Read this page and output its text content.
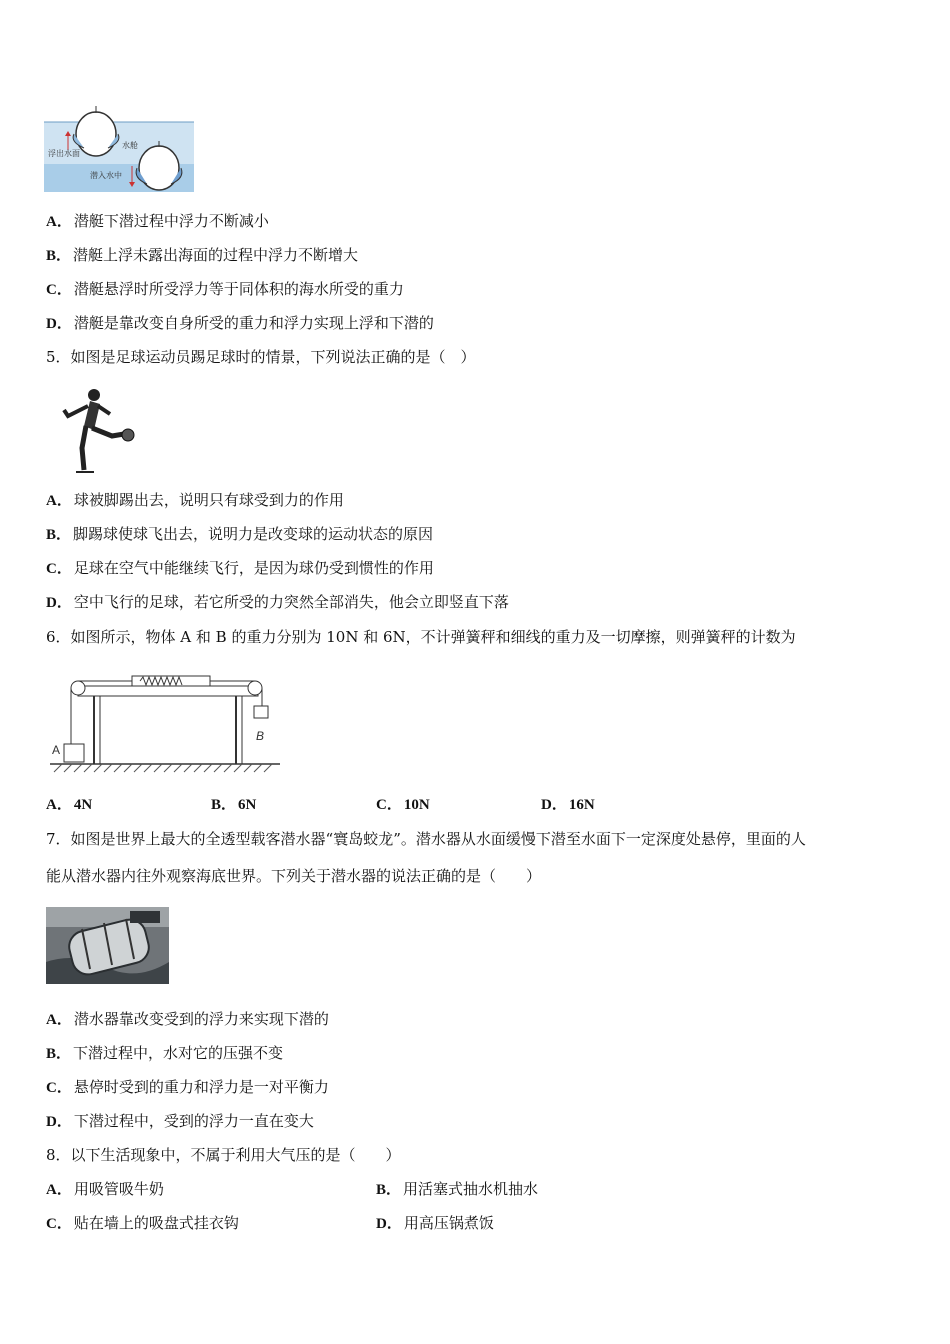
浮出水面
水舱
潜入水中
A． 潜艇下潜过程中浮力不断减小
B． 潜艇上浮未露出海面的过程中浮力不断增大
C． 潜艇悬浮时所受浮力等于同体积的海水所受的重力
D． 潜艇是靠改变自身所受的重力和浮力实现上浮和下潜的
5．如图是足球运动员踢足球时的情景，下列说法正确的是（　）
A． 球被脚踢出去，说明只有球受到力的作用
B． 脚踢球使球飞出去，说明力是改变球的运动状态的原因
C． 足球在空气中能继续飞行，是因为球仍受到惯性的作用
D． 空中飞行的足球，若它所受的力突然全部消失，他会立即竖直下落
6．如图所示，物体 A 和 B 的重力分别为 10N 和 6N，不计弹簧秤和细线的重力及一切摩擦，则弹簧秤的计数为
A
B
A． 4N	B． 6N	C． 10N	D． 16N
7．如图是世界上最大的全透型载客潜水器“寰岛蛟龙”。潜水器从水面缓慢下潜至水面下一定深度处悬停，里面的人
能从潜水器内往外观察海底世界。下列关于潜水器的说法正确的是（　　）
A． 潜水器靠改变受到的浮力来实现下潜的
B． 下潜过程中，水对它的压强不变
C． 悬停时受到的重力和浮力是一对平衡力
D． 下潜过程中，受到的浮力一直在变大
8．以下生活现象中，不属于利用大气压的是（　　）
A． 用吸管吸牛奶	B． 用活塞式抽水机抽水
C． 贴在墙上的吸盘式挂衣钩	D． 用高压锅煮饭
